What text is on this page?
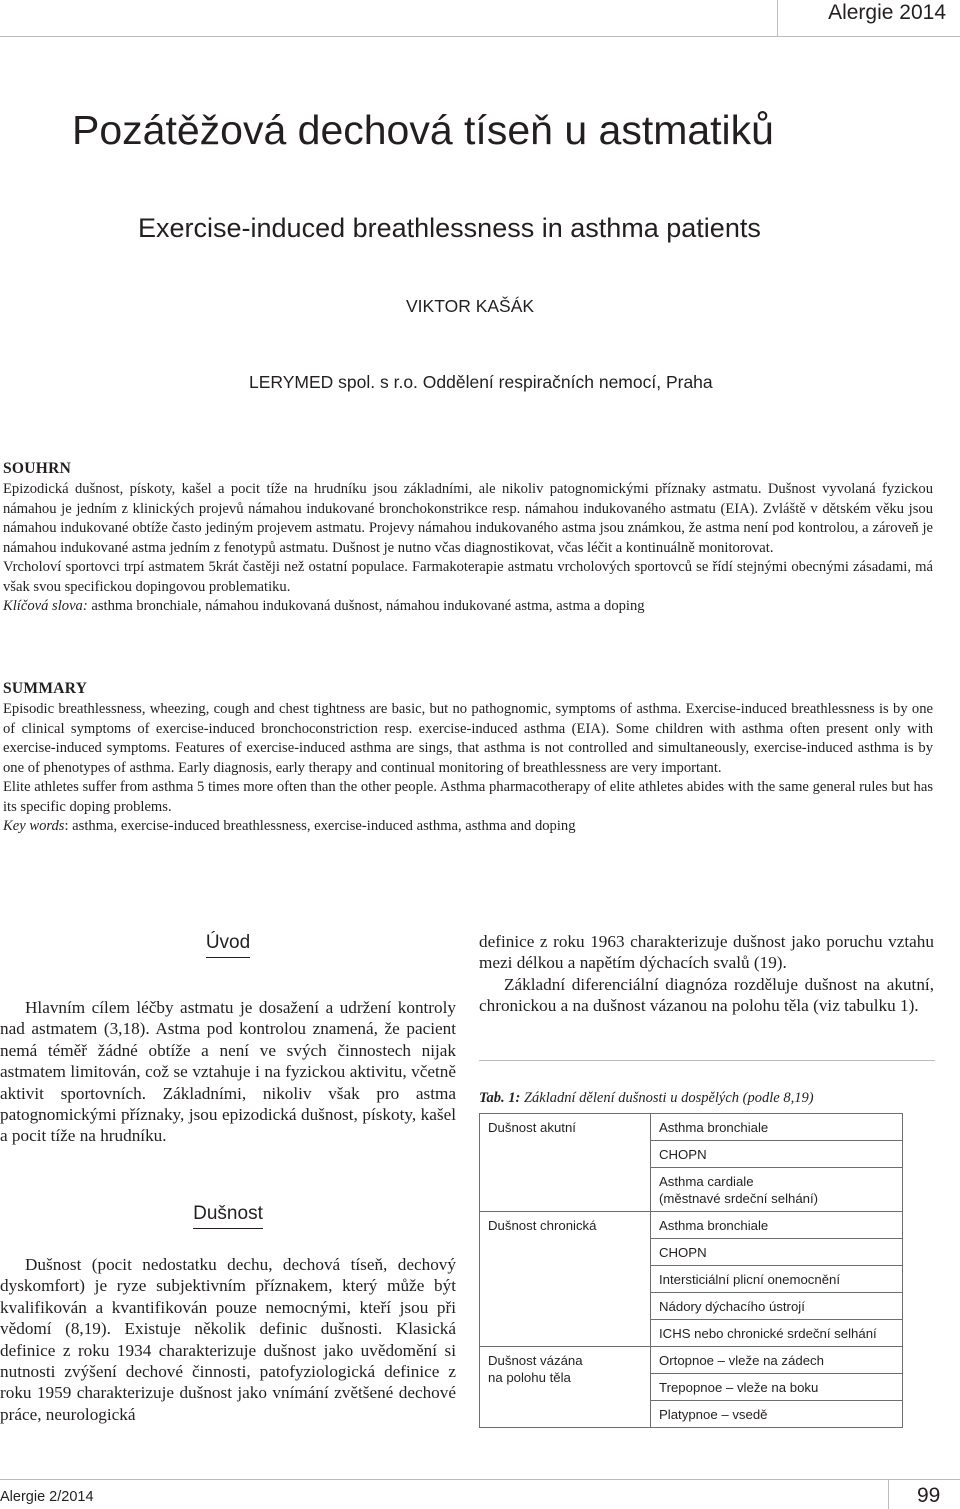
Alergie 2014
Pozátěžová dechová tíseň u astmatiků
Exercise-induced breathlessness in asthma patients
VIKTOR KAŠÁK
LERYMED spol. s r.o. Oddělení respiračních nemocí, Praha
SOUHRN

Epizodická dušnost, pískoty, kašel a pocit tíže na hrudníku jsou základními, ale nikoliv patognomickými příznaky astmatu. Dušnost vyvolaná fyzickou námahou je jedním z klinických projevů námahou indukované bronchokonstrikce resp. námahou indukovaného astmatu (EIA). Zvláště v dětském věku jsou námahou indukované obtíže často jediným projevem astmatu. Projevy námahou indukovaného astma jsou známkou, že astma není pod kontrolou, a zároveň je námahou indukované astma jedním z fenotypů astmatu. Dušnost je nutno včas diagnostikovat, včas léčit a kontinuálně monitorovat.

Vrcholoví sportovci trpí astmatem 5krát častěji než ostatní populace. Farmakoterapie astmatu vrcholových sportovců se řídí stejnými obecnými zásadami, má však svou specifickou dopingovou problematiku.

Klíčová slova: asthma bronchiale, námahou indukovaná dušnost, námahou indukované astma, astma a doping

SUMMARY

Episodic breathlessness, wheezing, cough and chest tightness are basic, but no pathognomic, symptoms of asthma. Exercise-induced breathlessness is by one of clinical symptoms of exercise-induced bronchoconstriction resp. exercise-induced asthma (EIA). Some children with asthma often present only with exercise-induced symptoms. Features of exercise-induced asthma are sings, that asthma is not controlled and simultaneously, exercise-induced asthma is by one of phenotypes of asthma. Early diagnosis, early therapy and continual monitoring of breathlessness are very important.

Elite athletes suffer from asthma 5 times more often than the other people. Asthma pharmacotherapy of elite athletes abides with the same general rules but has its specific doping problems.

Key words: asthma, exercise-induced breathlessness, exercise-induced asthma, asthma and doping

Úvod

Hlavním cílem léčby astmatu je dosažení a udržení kontroly nad astmatem (3,18). Astma pod kontrolou znamená, že pacient nemá téměř žádné obtíže a není ve svých činnostech nijak astmatem limitován, což se vztahuje i na fyzickou aktivitu, včetně aktivit sportovních. Základními, nikoliv však pro astma patognomickými příznaky, jsou epizodická dušnost, pískoty, kašel a pocit tíže na hrudníku.

Dušnost

Dušnost (pocit nedostatku dechu, dechová tíseň, dechový dyskomfort) je ryze subjektivním příznakem, který může být kvalifikován a kvantifikován pouze nemocnými, kteří jsou při vědomí (8,19). Existuje několik definic dušnosti. Klasická definice z roku 1934 charakterizuje dušnost jako uvědomění si nutnosti zvýšení dechové činnosti, patofyziologická definice z roku 1959 charakterizuje dušnost jako vnímání zvětšené dechové práce, neurologická

definice z roku 1963 charakterizuje dušnost jako poruchu vztahu mezi délkou a napětím dýchacích svalů (19).

Základní diferenciální diagnóza rozděluje dušnost na akutní, chronickou a na dušnost vázanou na polohu těla (viz tabulku 1).

Tab. 1: Základní dělení dušnosti u dospělých (podle 8,19)
Dušnost akutní	Asthma bronchiale
	CHOPN
	Asthma cardiale
(městnavé srdeční selhání)
Dušnost chronická	Asthma bronchiale
	CHOPN
	Intersticiální plicní onemocnění
	Nádory dýchacího ústrojí
	ICHS nebo chronické srdeční selhání
Dušnost vázána
na polohu těla	Ortopnoe – vleže na zádech
	Trepopnoe – vleže na boku
	Platypnoe – vsedě
Alergie 2/2014	99
